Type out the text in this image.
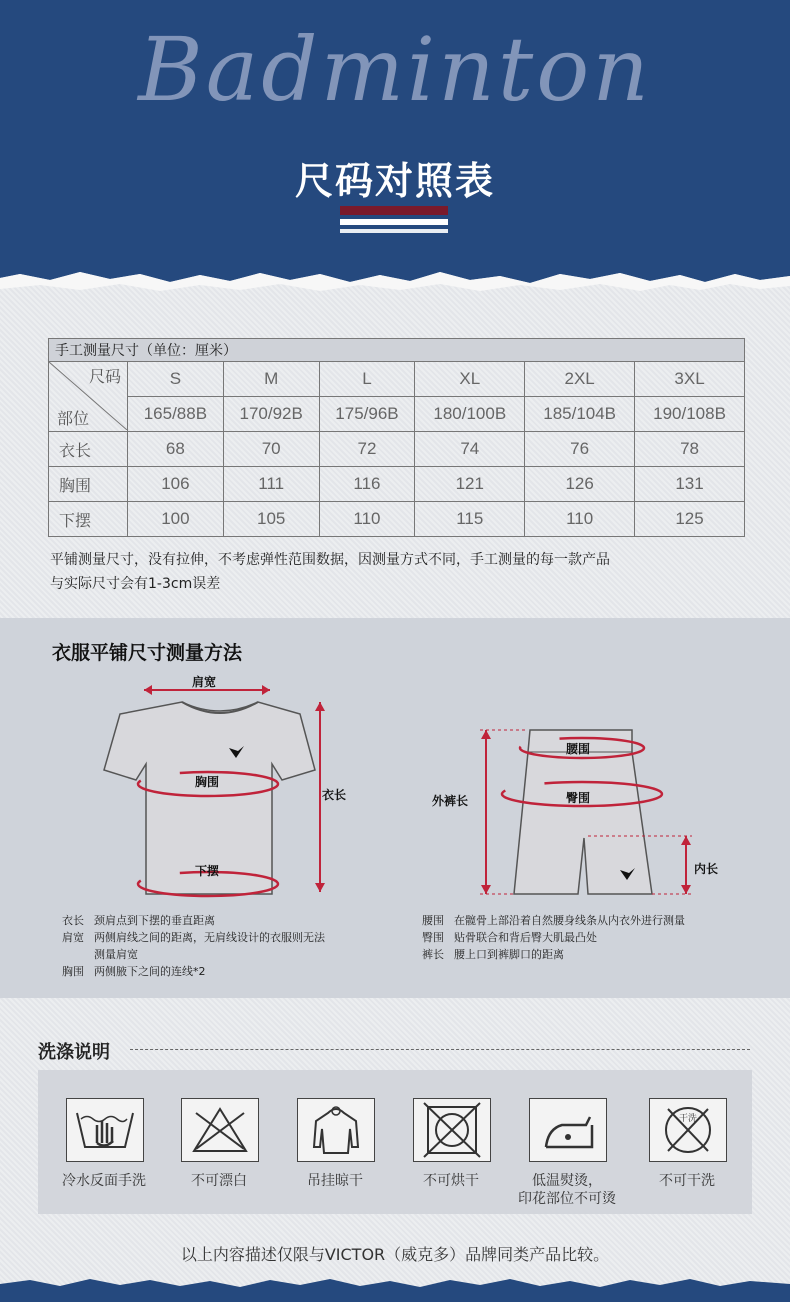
Badminton
尺码对照表
手工测量尺寸（单位：厘米）						

尺码
部位	S	M	L	XL	2XL	3XL
	165/88B	170/92B	175/96B	180/100B	185/104B	190/108B
衣长	68	70	72	74	76	78
胸围	106	111	116	121	126	131
下摆	100	105	110	115	110	125
平铺测量尺寸，没有拉伸，不考虑弹性范围数据，因测量方式不同，手工测量的每一款产品
与实际尺寸会有1-3cm误差
衣服平铺尺寸测量方法
肩宽
胸围
下摆
衣长
腰围
臀围
外裤长
内长
衣长 颈肩点到下摆的垂直距离
肩宽 两侧肩线之间的距离，无肩线设计的衣服则无法
测量肩宽
胸围 两侧腋下之间的连线*2
腰围 在髋骨上部沿着自然腰身线条从内衣外进行测量
臀围 贴骨联合和背后臀大肌最凸处
裤长 腰上口到裤脚口的距离
洗涤说明
干洗
冷水反面手洗	不可漂白	吊挂晾干	不可烘干	低温熨烫，
印花部位不可烫
不可干洗
以上内容描述仅限与VICTOR（威克多）品牌同类产品比较。
